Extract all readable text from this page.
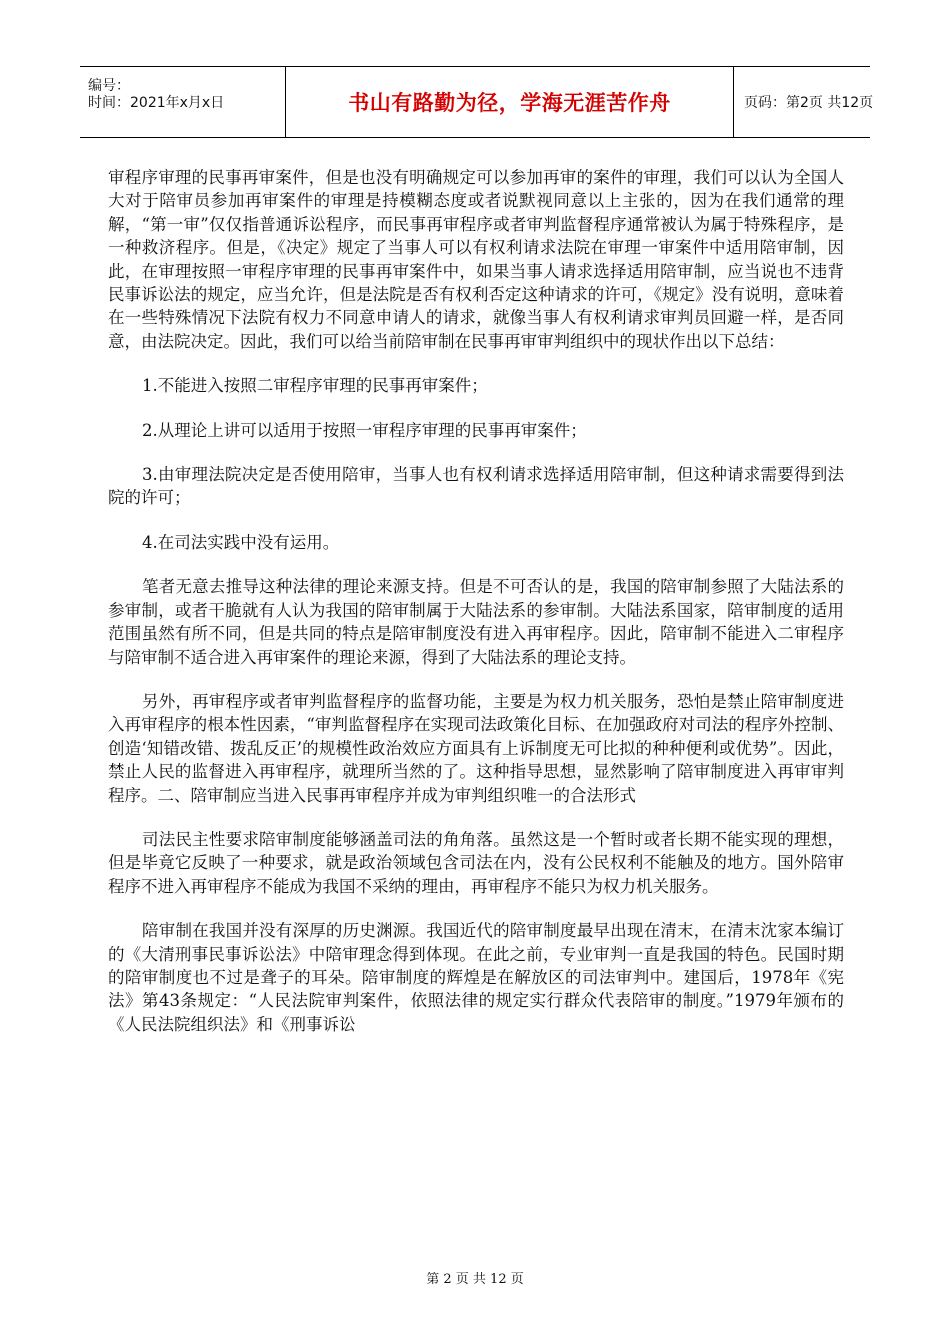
编号：
时间：2021年x月x日	书山有路勤为径，学海无涯苦作舟	页码：第2页 共12页

审程序审理的民事再审案件，但是也没有明确规定可以参加再审的案件的审理，我们可以认为全国人大对于陪审员参加再审案件的审理是持模糊态度或者说默视同意以上主张的，因为在我们通常的理解，“第一审”仅仅指普通诉讼程序，而民事再审程序或者审判监督程序通常被认为属于特殊程序，是一种救济程序。但是，《决定》规定了当事人可以有权利请求法院在审理一审案件中适用陪审制，因此，在审理按照一审程序审理的民事再审案件中，如果当事人请求选择适用陪审制，应当说也不违背民事诉讼法的规定，应当允许，但是法院是否有权利否定这种请求的许可，《规定》没有说明，意味着在一些特殊情况下法院有权力不同意申请人的请求，就像当事人有权利请求审判员回避一样，是否同意，由法院决定。因此，我们可以给当前陪审制在民事再审审判组织中的现状作出以下总结：

1.不能进入按照二审程序审理的民事再审案件；

2.从理论上讲可以适用于按照一审程序审理的民事再审案件；

3.由审理法院决定是否使用陪审，当事人也有权利请求选择适用陪审制，但这种请求需要得到法院的许可；

4.在司法实践中没有运用。

笔者无意去推导这种法律的理论来源支持。但是不可否认的是，我国的陪审制参照了大陆法系的参审制，或者干脆就有人认为我国的陪审制属于大陆法系的参审制。大陆法系国家，陪审制度的适用范围虽然有所不同，但是共同的特点是陪审制度没有进入再审程序。因此，陪审制不能进入二审程序与陪审制不适合进入再审案件的理论来源，得到了大陆法系的理论支持。

另外，再审程序或者审判监督程序的监督功能，主要是为权力机关服务，恐怕是禁止陪审制度进入再审程序的根本性因素，“审判监督程序在实现司法政策化目标、在加强政府对司法的程序外控制、创造‘知错改错、拨乱反正’的规模性政治效应方面具有上诉制度无可比拟的种种便利或优势”。因此，禁止人民的监督进入再审程序，就理所当然的了。这种指导思想，显然影响了陪审制度进入再审审判程序。二、陪审制应当进入民事再审程序并成为审判组织唯一的合法形式

司法民主性要求陪审制度能够涵盖司法的角角落。虽然这是一个暂时或者长期不能实现的理想，但是毕竟它反映了一种要求，就是政治领域包含司法在内，没有公民权利不能触及的地方。国外陪审程序不进入再审程序不能成为我国不采纳的理由，再审程序不能只为权力机关服务。

陪审制在我国并没有深厚的历史渊源。我国近代的陪审制度最早出现在清末，在清末沈家本编订的《大清刑事民事诉讼法》中陪审理念得到体现。在此之前，专业审判一直是我国的特色。民国时期的陪审制度也不过是聋子的耳朵。陪审制度的辉煌是在解放区的司法审判中。建国后，1978年《宪法》第43条规定：“人民法院审判案件，依照法律的规定实行群众代表陪审的制度。”1979年颁布的《人民法院组织法》和《刑事诉讼

第 2 页 共 12 页
